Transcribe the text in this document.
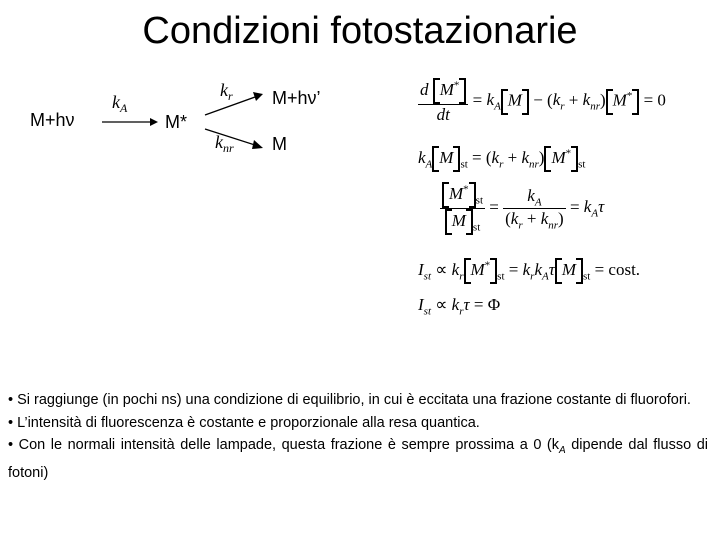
Condizioni fotostazionarie
M+hν
$k_A$
M*
$k_r$
$k_{nr}$
M+hν’
M
$\frac{d M^*}{dt} = k_A$ $M - (k_r + k_{nr}) M^* = 0$
$k_A$ M $_{st} = (k_r + k_{nr})$ $M^*_{st}$
$\frac{M^*_{st}}{M _{st}} = \frac{k_A}{(k_r + k_{nr})} = k_A\tau$
$I_{st} \propto k_r$ $M^*_{st} = k_rk_A\tau$ M $_{st}$ = cost.
$I_{st} \propto k_r\tau = \Phi$

• Si raggiunge (in pochi ns) una condizione di equilibrio, in cui è eccitata una frazione costante di fluorofori.

• L’intensità di fluorescenza è costante e proporzionale alla resa quantica.

• Con le normali intensità delle lampade, questa frazione è sempre prossima a 0 ($k_A$ dipende dal flusso di fotoni)
